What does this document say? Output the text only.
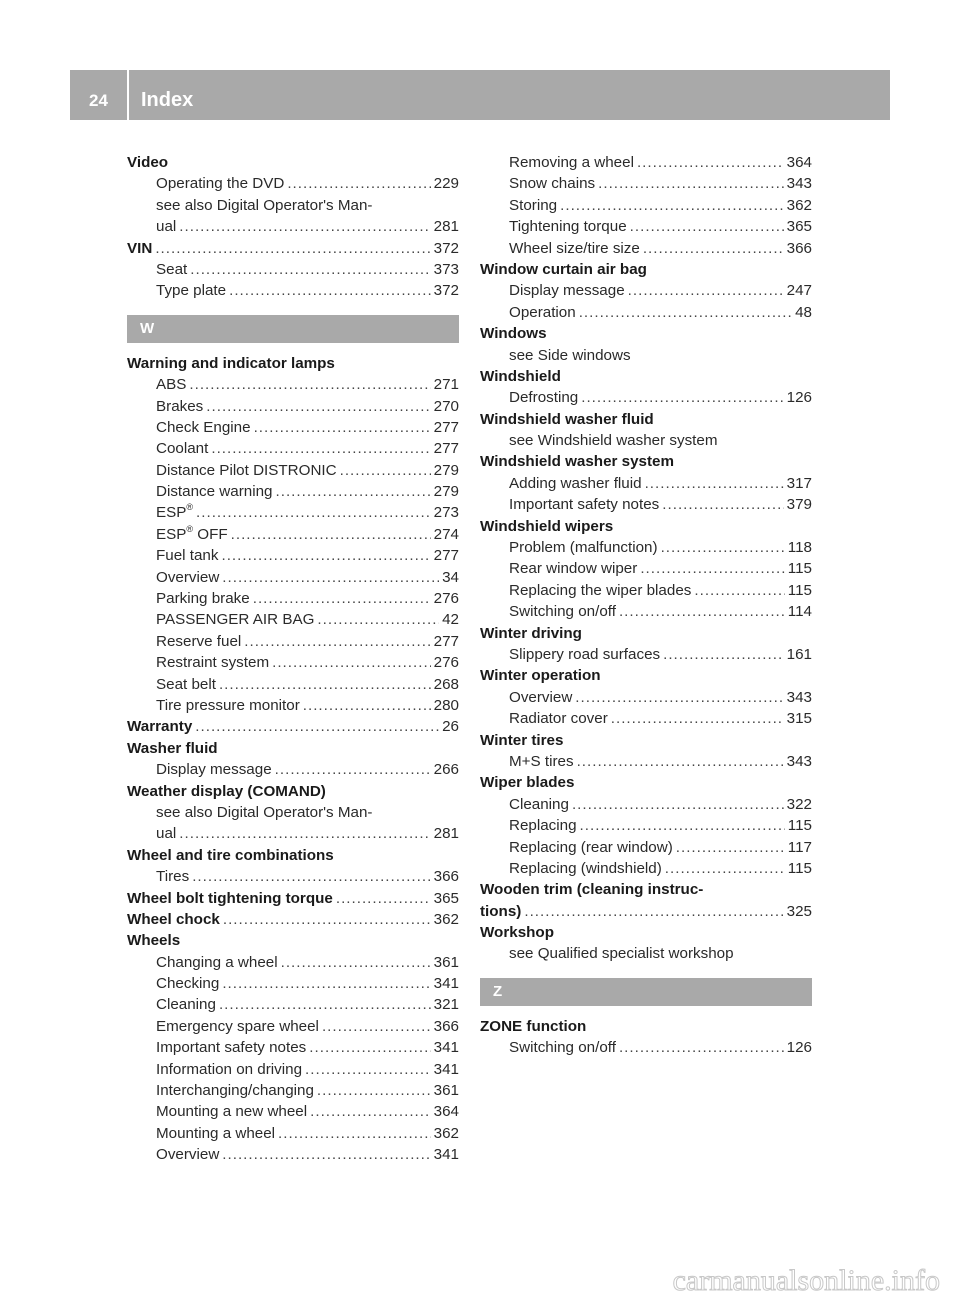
24	Index
Video
Operating the DVD .....	229
see also Digital Operator's Man-
ual .....	281
VIN .....	372
Seat .....	373
Type plate .....	372
W
Warning and indicator lamps
ABS .....	271
Brakes .....	270
Check Engine .....	277
Coolant .....	277
Distance Pilot DISTRONIC .....	279
Distance warning .....	279
ESP® .....	273
ESP® OFF .....	274
Fuel tank .....	277
Overview .....	34
Parking brake .....	276
PASSENGER AIR BAG .....	42
Reserve fuel .....	277
Restraint system .....	276
Seat belt .....	268
Tire pressure monitor .....	280
Warranty .....	26
Washer fluid
Display message .....	266
Weather display (COMAND)
see also Digital Operator's Man-
ual .....	281
Wheel and tire combinations
Tires .....	366
Wheel bolt tightening torque .....	365
Wheel chock .....	362
Wheels
Changing a wheel .....	361
Checking .....	341
Cleaning .....	321
Emergency spare wheel .....	366
Important safety notes .....	341
Information on driving .....	341
Interchanging/changing .....	361
Mounting a new wheel .....	364
Mounting a wheel .....	362
Overview .....	341
Removing a wheel .....	364
Snow chains .....	343
Storing .....	362
Tightening torque .....	365
Wheel size/tire size .....	366
Window curtain air bag
Display message .....	247
Operation .....	48
Windows
see Side windows
Windshield
Defrosting .....	126
Windshield washer fluid
see Windshield washer system
Windshield washer system
Adding washer fluid .....	317
Important safety notes .....	379
Windshield wipers
Problem (malfunction) .....	118
Rear window wiper .....	115
Replacing the wiper blades .....	115
Switching on/off .....	114
Winter driving
Slippery road surfaces .....	161
Winter operation
Overview .....	343
Radiator cover .....	315
Winter tires
M+S tires .....	343
Wiper blades
Cleaning .....	322
Replacing .....	115
Replacing (rear window) .....	117
Replacing (windshield) .....	115
Wooden trim (cleaning instruc-
tions) .....	325
Workshop
see Qualified specialist workshop
Z
ZONE function
Switching on/off .....	126
carmanualsonline.info
